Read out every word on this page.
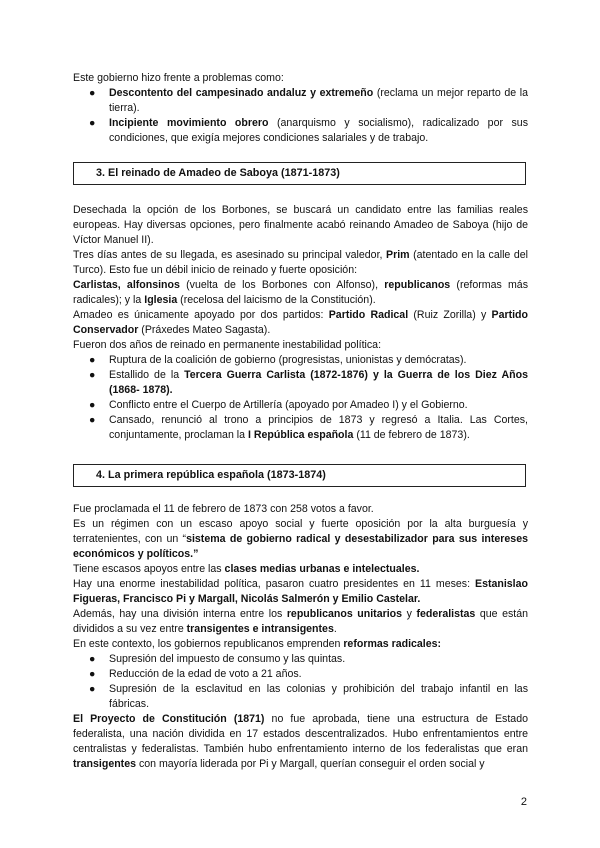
Este gobierno hizo frente a problemas como:

● Descontento del campesinado andaluz y extremeño (reclama un mejor reparto de la tierra).
● Incipiente movimiento obrero (anarquismo y socialismo), radicalizado por sus condiciones, que exigía mejores condiciones salariales y de trabajo.
3. El reinado de Amadeo de Saboya (1871-1873)

Desechada la opción de los Borbones, se buscará un candidato entre las familias reales europeas. Hay diversas opciones, pero finalmente acabó reinando Amadeo de Saboya (hijo de Víctor Manuel II).

Tres días antes de su llegada, es asesinado su principal valedor, Prim (atentado en la calle del Turco). Esto fue un débil inicio de reinado y fuerte oposición:

Carlistas, alfonsinos (vuelta de los Borbones con Alfonso), republicanos (reformas más radicales); y la Iglesia (recelosa del laicismo de la Constitución).

Amadeo es únicamente apoyado por dos partidos: Partido Radical (Ruiz Zorilla) y Partido Conservador (Práxedes Mateo Sagasta).

Fueron dos años de reinado en permanente inestabilidad política:

● Ruptura de la coalición de gobierno (progresistas, unionistas y demócratas).
● Estallido de la Tercera Guerra Carlista (1872-1876) y la Guerra de los Diez Años (1868- 1878).
● Conflicto entre el Cuerpo de Artillería (apoyado por Amadeo I) y el Gobierno.
● Cansado, renunció al trono a principios de 1873 y regresó a Italia. Las Cortes, conjuntamente, proclaman la I República española (11 de febrero de 1873).
4. La primera república española (1873-1874)

Fue proclamada el 11 de febrero de 1873 con 258 votos a favor.

Es un régimen con un escaso apoyo social y fuerte oposición por la alta burguesía y terratenientes, con un “sistema de gobierno radical y desestabilizador para sus intereses económicos y políticos.”

Tiene escasos apoyos entre las clases medias urbanas e intelectuales.

Hay una enorme inestabilidad política, pasaron cuatro presidentes en 11 meses: Estanislao Figueras, Francisco Pi y Margall, Nicolás Salmerón y Emilio Castelar.

Además, hay una división interna entre los republicanos unitarios y federalistas que están divididos a su vez entre transigentes e intransigentes.

En este contexto, los gobiernos republicanos emprenden reformas radicales:

● Supresión del impuesto de consumo y las quintas.
● Reducción de la edad de voto a 21 años.
● Supresión de la esclavitud en las colonias y prohibición del trabajo infantil en las fábricas.

El Proyecto de Constitución (1871) no fue aprobada, tiene una estructura de Estado federalista, una nación dividida en 17 estados descentralizados. Hubo enfrentamientos entre centralistas y federalistas. También hubo enfrentamiento interno de los federalistas que eran transigentes con mayoría liderada por Pi y Margall, querían conseguir el orden social y

2
